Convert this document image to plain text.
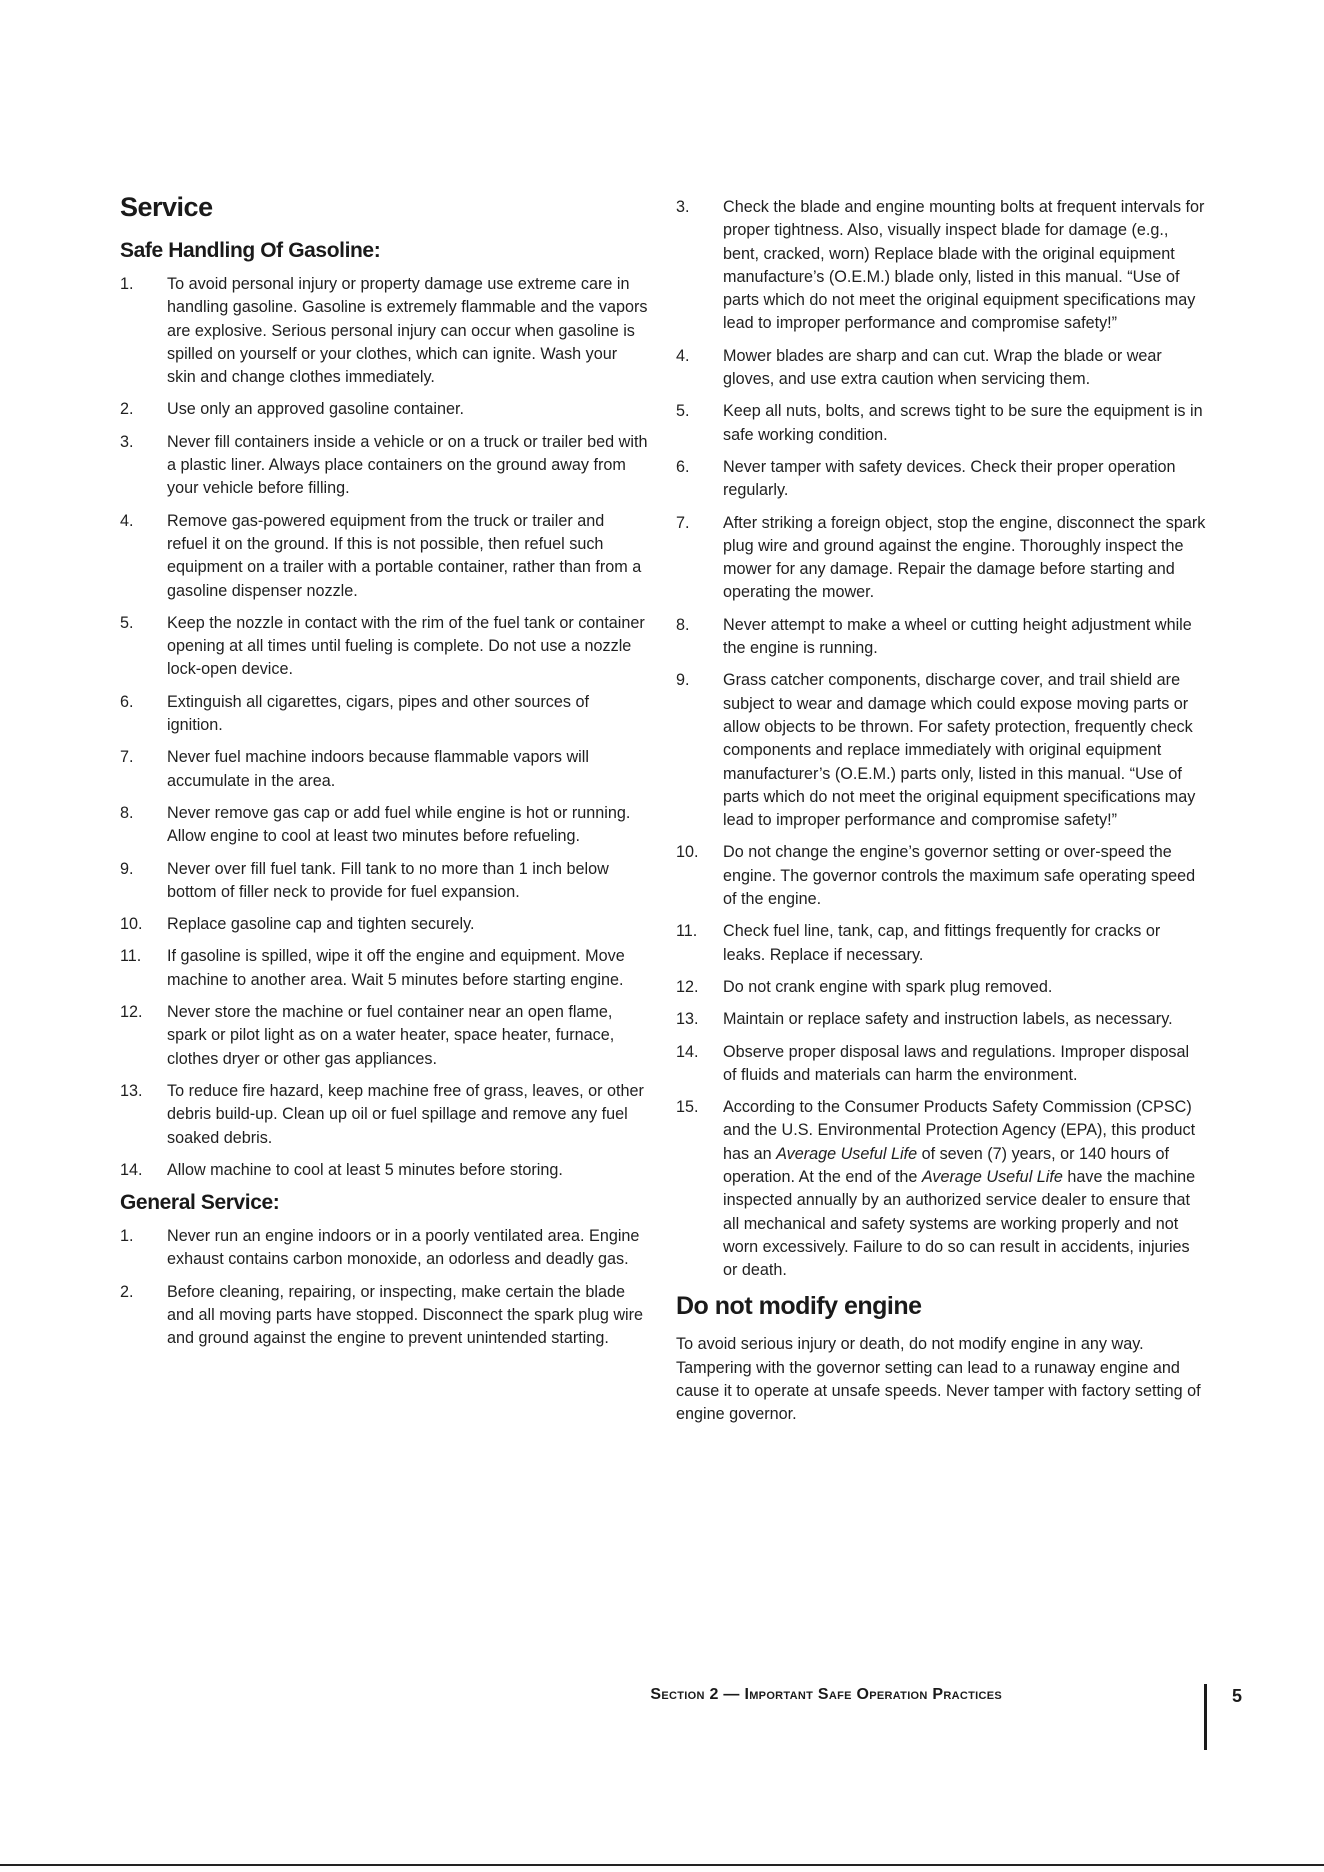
Service
Safe Handling Of Gasoline:
1.	To avoid personal injury or property damage use extreme care in handling gasoline. Gasoline is extremely flammable and the vapors are explosive. Serious personal injury can occur when gasoline is spilled on yourself or your clothes, which can ignite. Wash your skin and change clothes immediately.
2.	Use only an approved gasoline container.
3.	Never fill containers inside a vehicle or on a truck or trailer bed with a plastic liner. Always place containers on the ground away from your vehicle before filling.
4.	Remove gas-powered equipment from the truck or trailer and refuel it on the ground. If this is not possible, then refuel such equipment on a trailer with a portable container, rather than from a gasoline dispenser nozzle.
5.	Keep the nozzle in contact with the rim of the fuel tank or container opening at all times until fueling is complete. Do not use a nozzle lock-open device.
6.	Extinguish all cigarettes, cigars, pipes and other sources of ignition.
7.	Never fuel machine indoors because flammable vapors will accumulate in the area.
8.	Never remove gas cap or add fuel while engine is hot or running. Allow engine to cool at least two minutes before refueling.
9.	Never over fill fuel tank. Fill tank to no more than 1 inch below bottom of filler neck to provide for fuel expansion.
10.	Replace gasoline cap and tighten securely.
11.	If gasoline is spilled, wipe it off the engine and equipment. Move machine to another area. Wait 5 minutes before starting engine.
12.	Never store the machine or fuel container near an open flame, spark or pilot light as on a water heater, space heater, furnace, clothes dryer or other gas appliances.
13.	To reduce fire hazard, keep machine free of grass, leaves, or other debris build-up. Clean up oil or fuel spillage and remove any fuel soaked debris.
14.	Allow machine to cool at least 5 minutes before storing.
General Service:
1.	Never run an engine indoors or in a poorly ventilated area. Engine exhaust contains carbon monoxide, an odorless and deadly gas.
2.	Before cleaning, repairing, or inspecting, make certain the blade and all moving parts have stopped. Disconnect the spark plug wire and ground against the engine to prevent unintended starting.
3.	Check the blade and engine mounting bolts at frequent intervals for proper tightness. Also, visually inspect blade for damage (e.g., bent, cracked, worn) Replace blade with the original equipment manufacture’s (O.E.M.) blade only, listed in this manual. “Use of parts which do not meet the original equipment specifications may lead to improper performance and compromise safety!”
4.	Mower blades are sharp and can cut. Wrap the blade or wear gloves, and use extra caution when servicing them.
5.	Keep all nuts, bolts, and screws tight to be sure the equipment is in safe working condition.
6.	Never tamper with safety devices. Check their proper operation regularly.
7.	After striking a foreign object, stop the engine, disconnect the spark plug wire and ground against the engine. Thoroughly inspect the mower for any damage. Repair the damage before starting and operating the mower.
8.	Never attempt to make a wheel or cutting height adjustment while the engine is running.
9.	Grass catcher components, discharge cover, and trail shield are subject to wear and damage which could expose moving parts or allow objects to be thrown. For safety protection, frequently check components and replace immediately with original equipment manufacturer’s (O.E.M.) parts only, listed in this manual. “Use of parts which do not meet the original equipment specifications may lead to improper performance and compromise safety!”
10.	Do not change the engine’s governor setting or over-speed the engine. The governor controls the maximum safe operating speed of the engine.
11.	Check fuel line, tank, cap, and fittings frequently for cracks or leaks. Replace if necessary.
12.	Do not crank engine with spark plug removed.
13.	Maintain or replace safety and instruction labels, as necessary.
14.	Observe proper disposal laws and regulations. Improper disposal of fluids and materials can harm the environment.
15.	According to the Consumer Products Safety Commission (CPSC) and the U.S. Environmental Protection Agency (EPA), this product has an Average Useful Life of seven (7) years, or 140 hours of operation. At the end of the Average Useful Life have the machine inspected annually by an authorized service dealer to ensure that all mechanical and safety systems are working properly and not worn excessively. Failure to do so can result in accidents, injuries or death.
Do not modify engine

To avoid serious injury or death, do not modify engine in any way. Tampering with the governor setting can lead to a runaway engine and cause it to operate at unsafe speeds. Never tamper with factory setting of engine governor.

Section 2 — Important Safe Operation Practices	5
